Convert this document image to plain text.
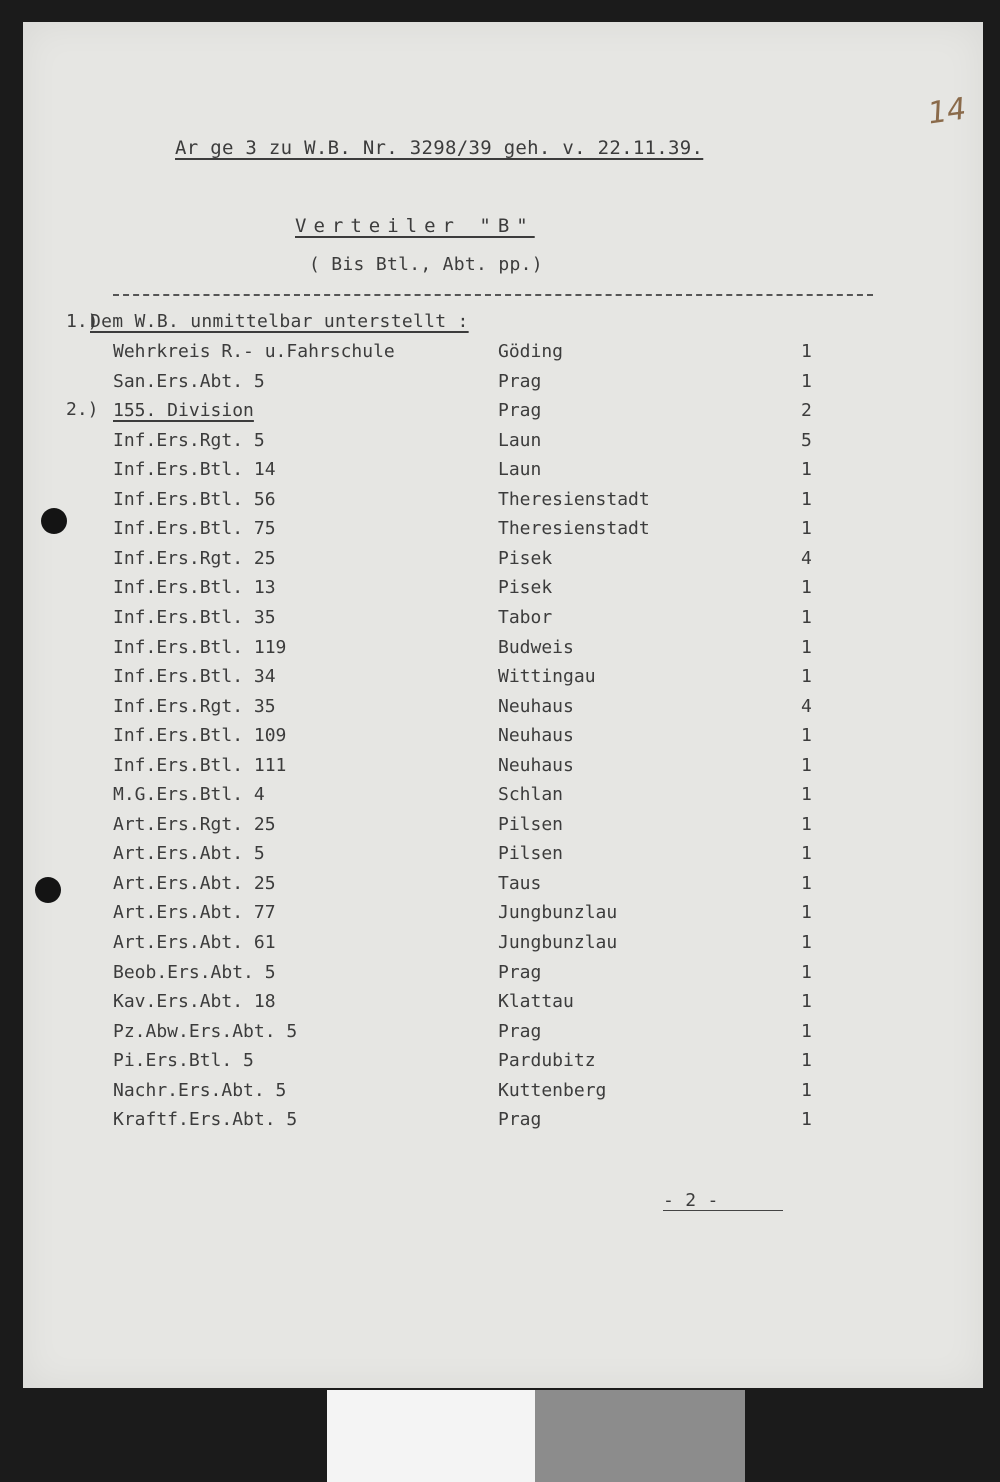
14
Ar ge 3 zu W.B. Nr. 3298/39 geh. v. 22.11.39.
Verteiler "B"
( Bis Btl., Abt. pp.)
1.)
Dem W.B. unmittelbar unterstellt :
2.)
Wehrkreis R.- u.Fahrschule	Göding	1
San.Ers.Abt. 5	Prag	1
155. Division	Prag	2
Inf.Ers.Rgt. 5	Laun	5
Inf.Ers.Btl. 14	Laun	1
Inf.Ers.Btl. 56	Theresienstadt	1
Inf.Ers.Btl. 75	Theresienstadt	1
Inf.Ers.Rgt. 25	Pisek	4
Inf.Ers.Btl. 13	Pisek	1
Inf.Ers.Btl. 35	Tabor	1
Inf.Ers.Btl. 119	Budweis	1
Inf.Ers.Btl. 34	Wittingau	1
Inf.Ers.Rgt. 35	Neuhaus	4
Inf.Ers.Btl. 109	Neuhaus	1
Inf.Ers.Btl. 111	Neuhaus	1
M.G.Ers.Btl. 4	Schlan	1
Art.Ers.Rgt. 25	Pilsen	1
Art.Ers.Abt. 5	Pilsen	1
Art.Ers.Abt. 25	Taus	1
Art.Ers.Abt. 77	Jungbunzlau	1
Art.Ers.Abt. 61	Jungbunzlau	1
Beob.Ers.Abt. 5	Prag	1
Kav.Ers.Abt. 18	Klattau	1
Pz.Abw.Ers.Abt. 5	Prag	1
Pi.Ers.Btl. 5	Pardubitz	1
Nachr.Ers.Abt. 5	Kuttenberg	1
Kraftf.Ers.Abt. 5	Prag	1
- 2 -
